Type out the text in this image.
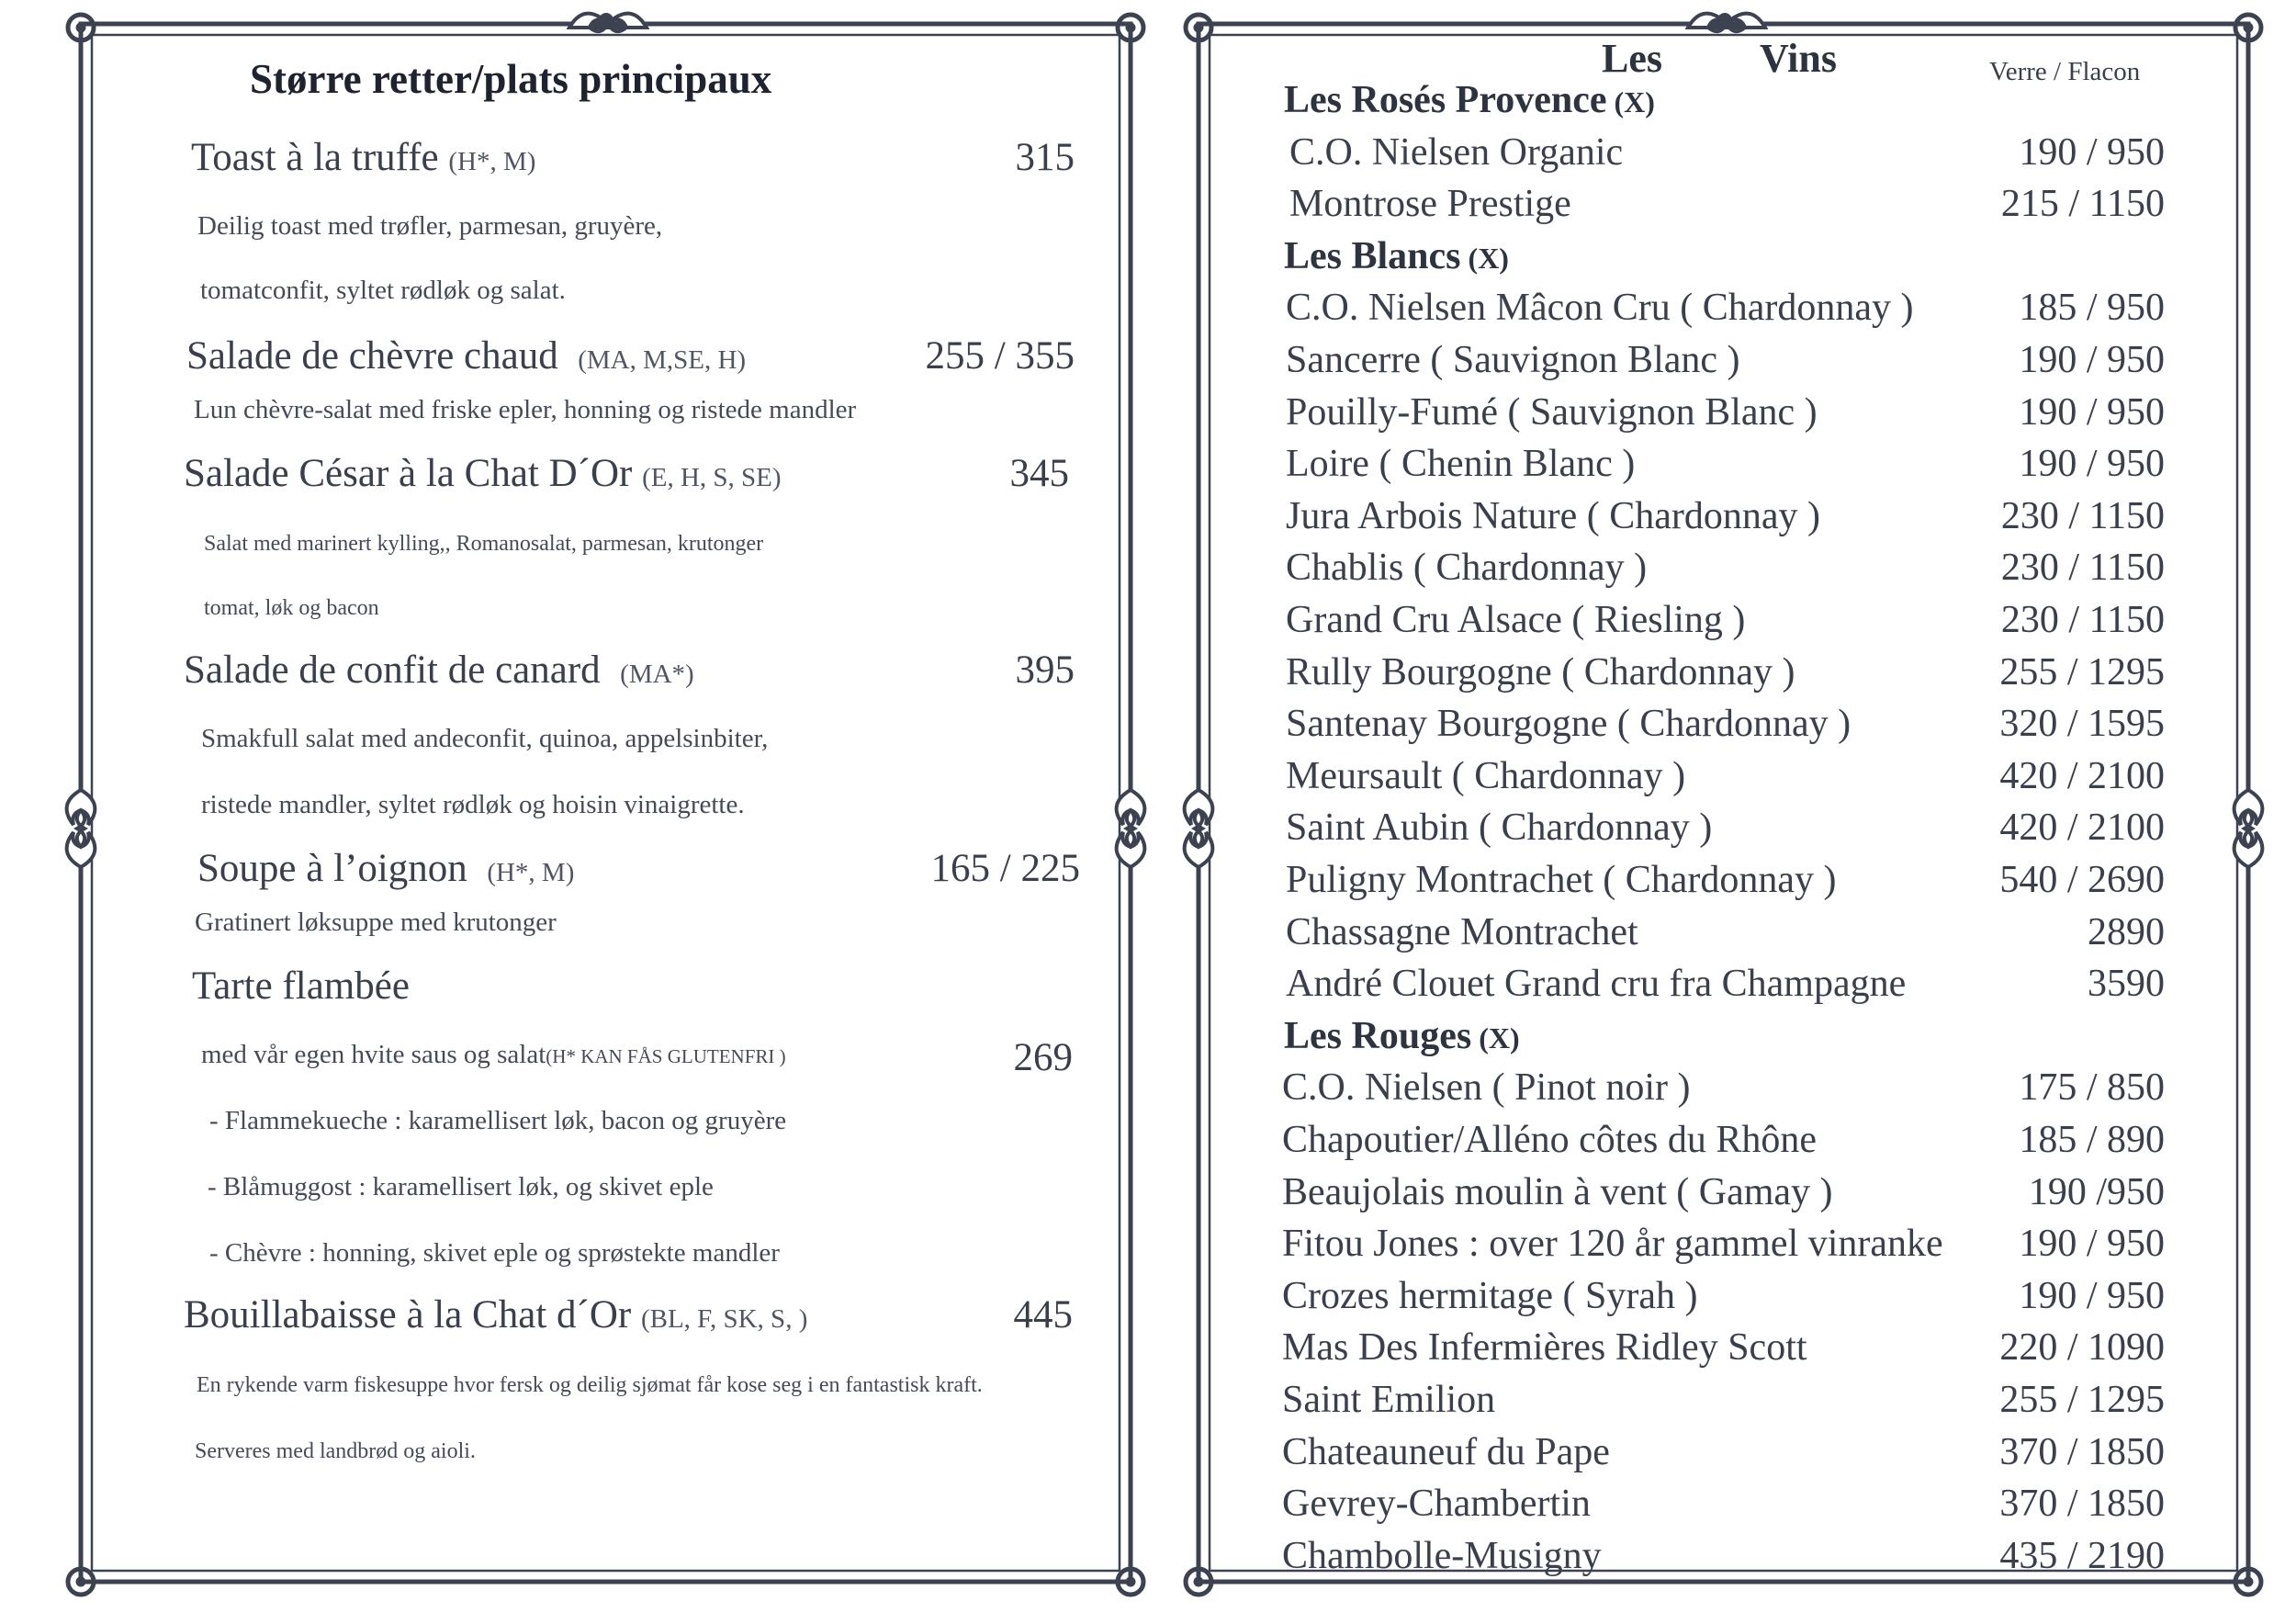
Større retter/plats principaux
Toast à la truffe (H*, M)	315
Deilig toast med trøfler, parmesan, gruyère,
tomatconfit, syltet rødløk og salat.
Salade de chèvre chaud (MA, M,SE, H)	255 / 355
Lun chèvre-salat med friske epler, honning og ristede mandler
Salade César à la Chat D´Or (E, H, S, SE)	345
Salat med marinert kylling,, Romanosalat, parmesan, krutonger
tomat, løk og bacon
Salade de confit de canard (MA*)	395
Smakfull salat med andeconfit, quinoa, appelsinbiter,
ristede mandler, syltet rødløk og hoisin vinaigrette.
Soupe à l’oignon (H*, M)	165 / 225
Gratinert løksuppe med krutonger
Tarte flambée
med vår egen hvite saus og salat(H* KAN FÅS GLUTENFRI )	269
- Flammekueche : karamellisert løk, bacon og gruyère
- Blåmuggost : karamellisert løk, og skivet eple
- Chèvre : honning, skivet eple og sprøstekte mandler
Bouillabaisse à la Chat d´Or (BL, F, SK, S, )	445
En rykende varm fiskesuppe hvor fersk og deilig sjømat får kose seg i en fantastisk kraft.
Serveres med landbrød og aioli.
Les Vins	Verre / Flacon
Les Rosés Provence (X)
C.O. Nielsen Organic	190 / 950
Montrose Prestige	215 / 1150
Les Blancs (X)
C.O. Nielsen Mâcon Cru ( Chardonnay )	185 / 950
Sancerre ( Sauvignon Blanc )	190 / 950
Pouilly-Fumé ( Sauvignon Blanc )	190 / 950
Loire ( Chenin Blanc )	190 / 950
Jura Arbois Nature ( Chardonnay )	230 / 1150
Chablis ( Chardonnay )	230 / 1150
Grand Cru Alsace ( Riesling )	230 / 1150
Rully Bourgogne ( Chardonnay )	255 / 1295
Santenay Bourgogne ( Chardonnay )	320 / 1595
Meursault ( Chardonnay )	420 / 2100
Saint Aubin ( Chardonnay )	420 / 2100
Puligny Montrachet ( Chardonnay )	540 / 2690
Chassagne Montrachet	2890
André Clouet Grand cru fra Champagne	3590
Les Rouges (X)
C.O. Nielsen ( Pinot noir )	175 / 850
Chapoutier/Alléno côtes du Rhône	185 / 890
Beaujolais moulin à vent ( Gamay )	190 /950
Fitou Jones : over 120 år gammel vinranke 190 / 950
Crozes hermitage ( Syrah )	190 / 950
Mas Des Infermières Ridley Scott	220 / 1090
Saint Emilion	255 / 1295
Chateauneuf du Pape	370 / 1850
Gevrey-Chambertin	370 / 1850
Chambolle-Musigny	435 / 2190
